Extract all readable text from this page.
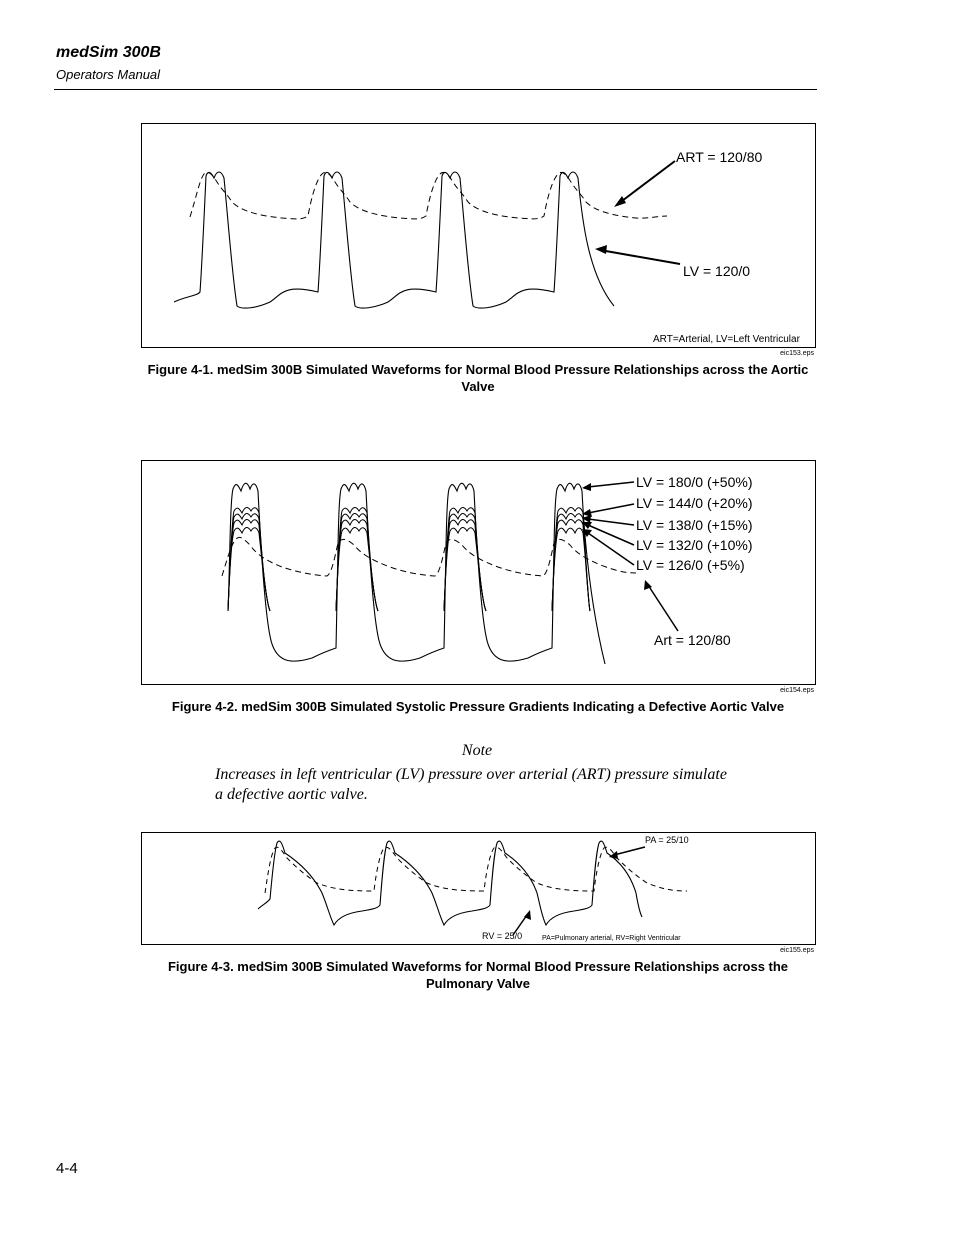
medSim 300B
Operators Manual
ART = 120/80
LV = 120/0
ART=Arterial, LV=Left Ventricular
eic153.eps
Figure 4-1. medSim 300B Simulated Waveforms for Normal Blood Pressure Relationships across the Aortic Valve
LV = 180/0 (+50%)
LV = 144/0 (+20%)
LV = 138/0 (+15%)
LV = 132/0 (+10%)
LV = 126/0 (+5%)
Art = 120/80
eic154.eps
Figure 4-2. medSim 300B Simulated Systolic Pressure Gradients Indicating a Defective Aortic Valve
Note
Increases in left ventricular (LV) pressure over arterial (ART) pressure simulate a defective aortic valve.
PA = 25/10
RV = 25/0	PA=Pulmonary arterial, RV=Right Ventricular
eic155.eps
Figure 4-3. medSim 300B Simulated Waveforms for Normal Blood Pressure Relationships across the Pulmonary Valve
4-4
